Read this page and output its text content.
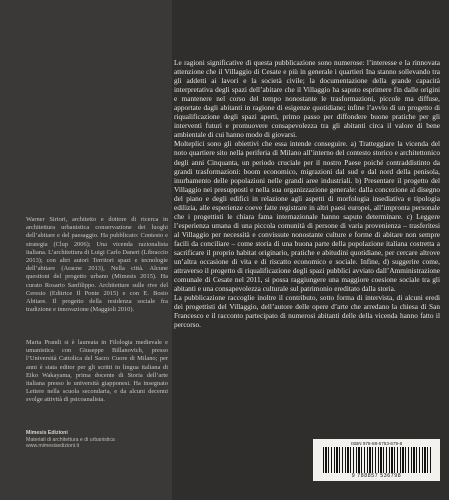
Warner Sirtori, architetto e dottore di ricerca in architettura urbanistica conservazione dei luoghi dell’abitare e del paesaggio. Ha pubblicato: Contesto e strategia (Clup 2006); Una vicenda razionalista italiana. L’architettura di Luigi Carlo Daneri (Libraccio 2013); con altri autori Territori spazi e tecnologie dell’abitare (Aracne 2013), Nella città. Alcune questioni del progetto urbano (Mimesis 2015). Ha curato Rosario Sanfilippo. Architetture sulle rive del Ceresio (Editrice Il Ponte 2015) e con E. Bosio Abitare. Il progetto della residenza sociale fra tradizione e innovazione (Maggioli 2010).
Maria Prandi si è laureata in Filologia medievale e umanistica con Giuseppe Billanovich, presso l’Università Cattolica del Sacro Cuore di Milano; per anni è stata editor per gli scritti in lingua italiana di Eiko Wakayama, prima docente di Storia dell’arte italiana presso le università giapponesi. Ha insegnato Lettere nella scuola secondaria, e da alcuni decenni svolge attività di psicoanalista.
Mimesis Edizioni
Materiali di architettura e di urbanistica
www.mimesisedizioni.it

Le ragioni significative di questa pubblicazione sono numerose: l’interesse e la rinnovata attenzione che il Villaggio di Cesate e più in generale i quartieri Ina stanno sollevando tra gli addetti ai lavori e la società civile; la documentazione della grande capacità interpretativa degli spazi dell’abitare che il Villaggio ha saputo esprimere fin dalle origini e mantenere nel corso del tempo nonostante le trasformazioni, piccole ma diffuse, apportate dagli abitanti in ragione di esigenze quotidiane; infine l’avvio di un progetto di riqualificazione degli spazi aperti, primo passo per diffondere buone pratiche per gli interventi futuri e promuovere consapevolezza tra gli abitanti circa il valore di bene ambientale di cui hanno modo di giovarsi.

Molteplici sono gli obiettivi che essa intende conseguire. a) Tratteggiare la vicenda del noto quartiere sito nella periferia di Milano all’interno del contesto storico e architettonico degli anni Cinquanta, un periodo cruciale per il nostro Paese poiché contraddistinto da grandi trasformazioni: boom economico, migrazioni dal sud e dal nord della penisola, inurbamento delle popolazioni nelle grandi aree industriali. b) Presentare il progetto del Villaggio nei presupposti e nella sua organizzazione generale: dalla concezione al disegno del piano e degli edifici in relazione agli aspetti di morfologia insediativa e tipologia edilizia, alle esperienze coeve fatte registrare in altri paesi europei, all’impronta personale che i progettisti le chiara fama internazionale hanno saputo determinare. c) Leggere l’esperienza umana di una piccola comunità di persone di varia provenienza – trasferitesi al Villaggio per necessità e convissute nonostante culture e forme di abitare non sempre facili da conciliare – come storia di una buona parte della popolazione italiana costretta a sacrificare il proprio habitat originario, pratiche e abitudini quotidiane, per cercare altrove un’altra occasione di vita e di riscatto economico e sociale. Infine, d) suggerire come, attraverso il progetto di riqualificazione degli spazi pubblici avviato dall’Amministrazione comunale di Cesate nel 2011, si possa raggiungere una maggiore coesione sociale tra gli abitanti e una consapevolezza culturale sul patrimonio ereditato dalla storia.

La pubblicazione raccoglie inoltre il contributo, sotto forma di intervista, di alcuni eredi dei progettisti del Villaggio, dell’autore delle opere d’arte che arredano la chiesa di San Francesco e il racconto partecipato di numerosi abitanti delle della vicenda hanno fatto il percorso.

ISBN 978-88-5753-679-8
9 788857 536798
